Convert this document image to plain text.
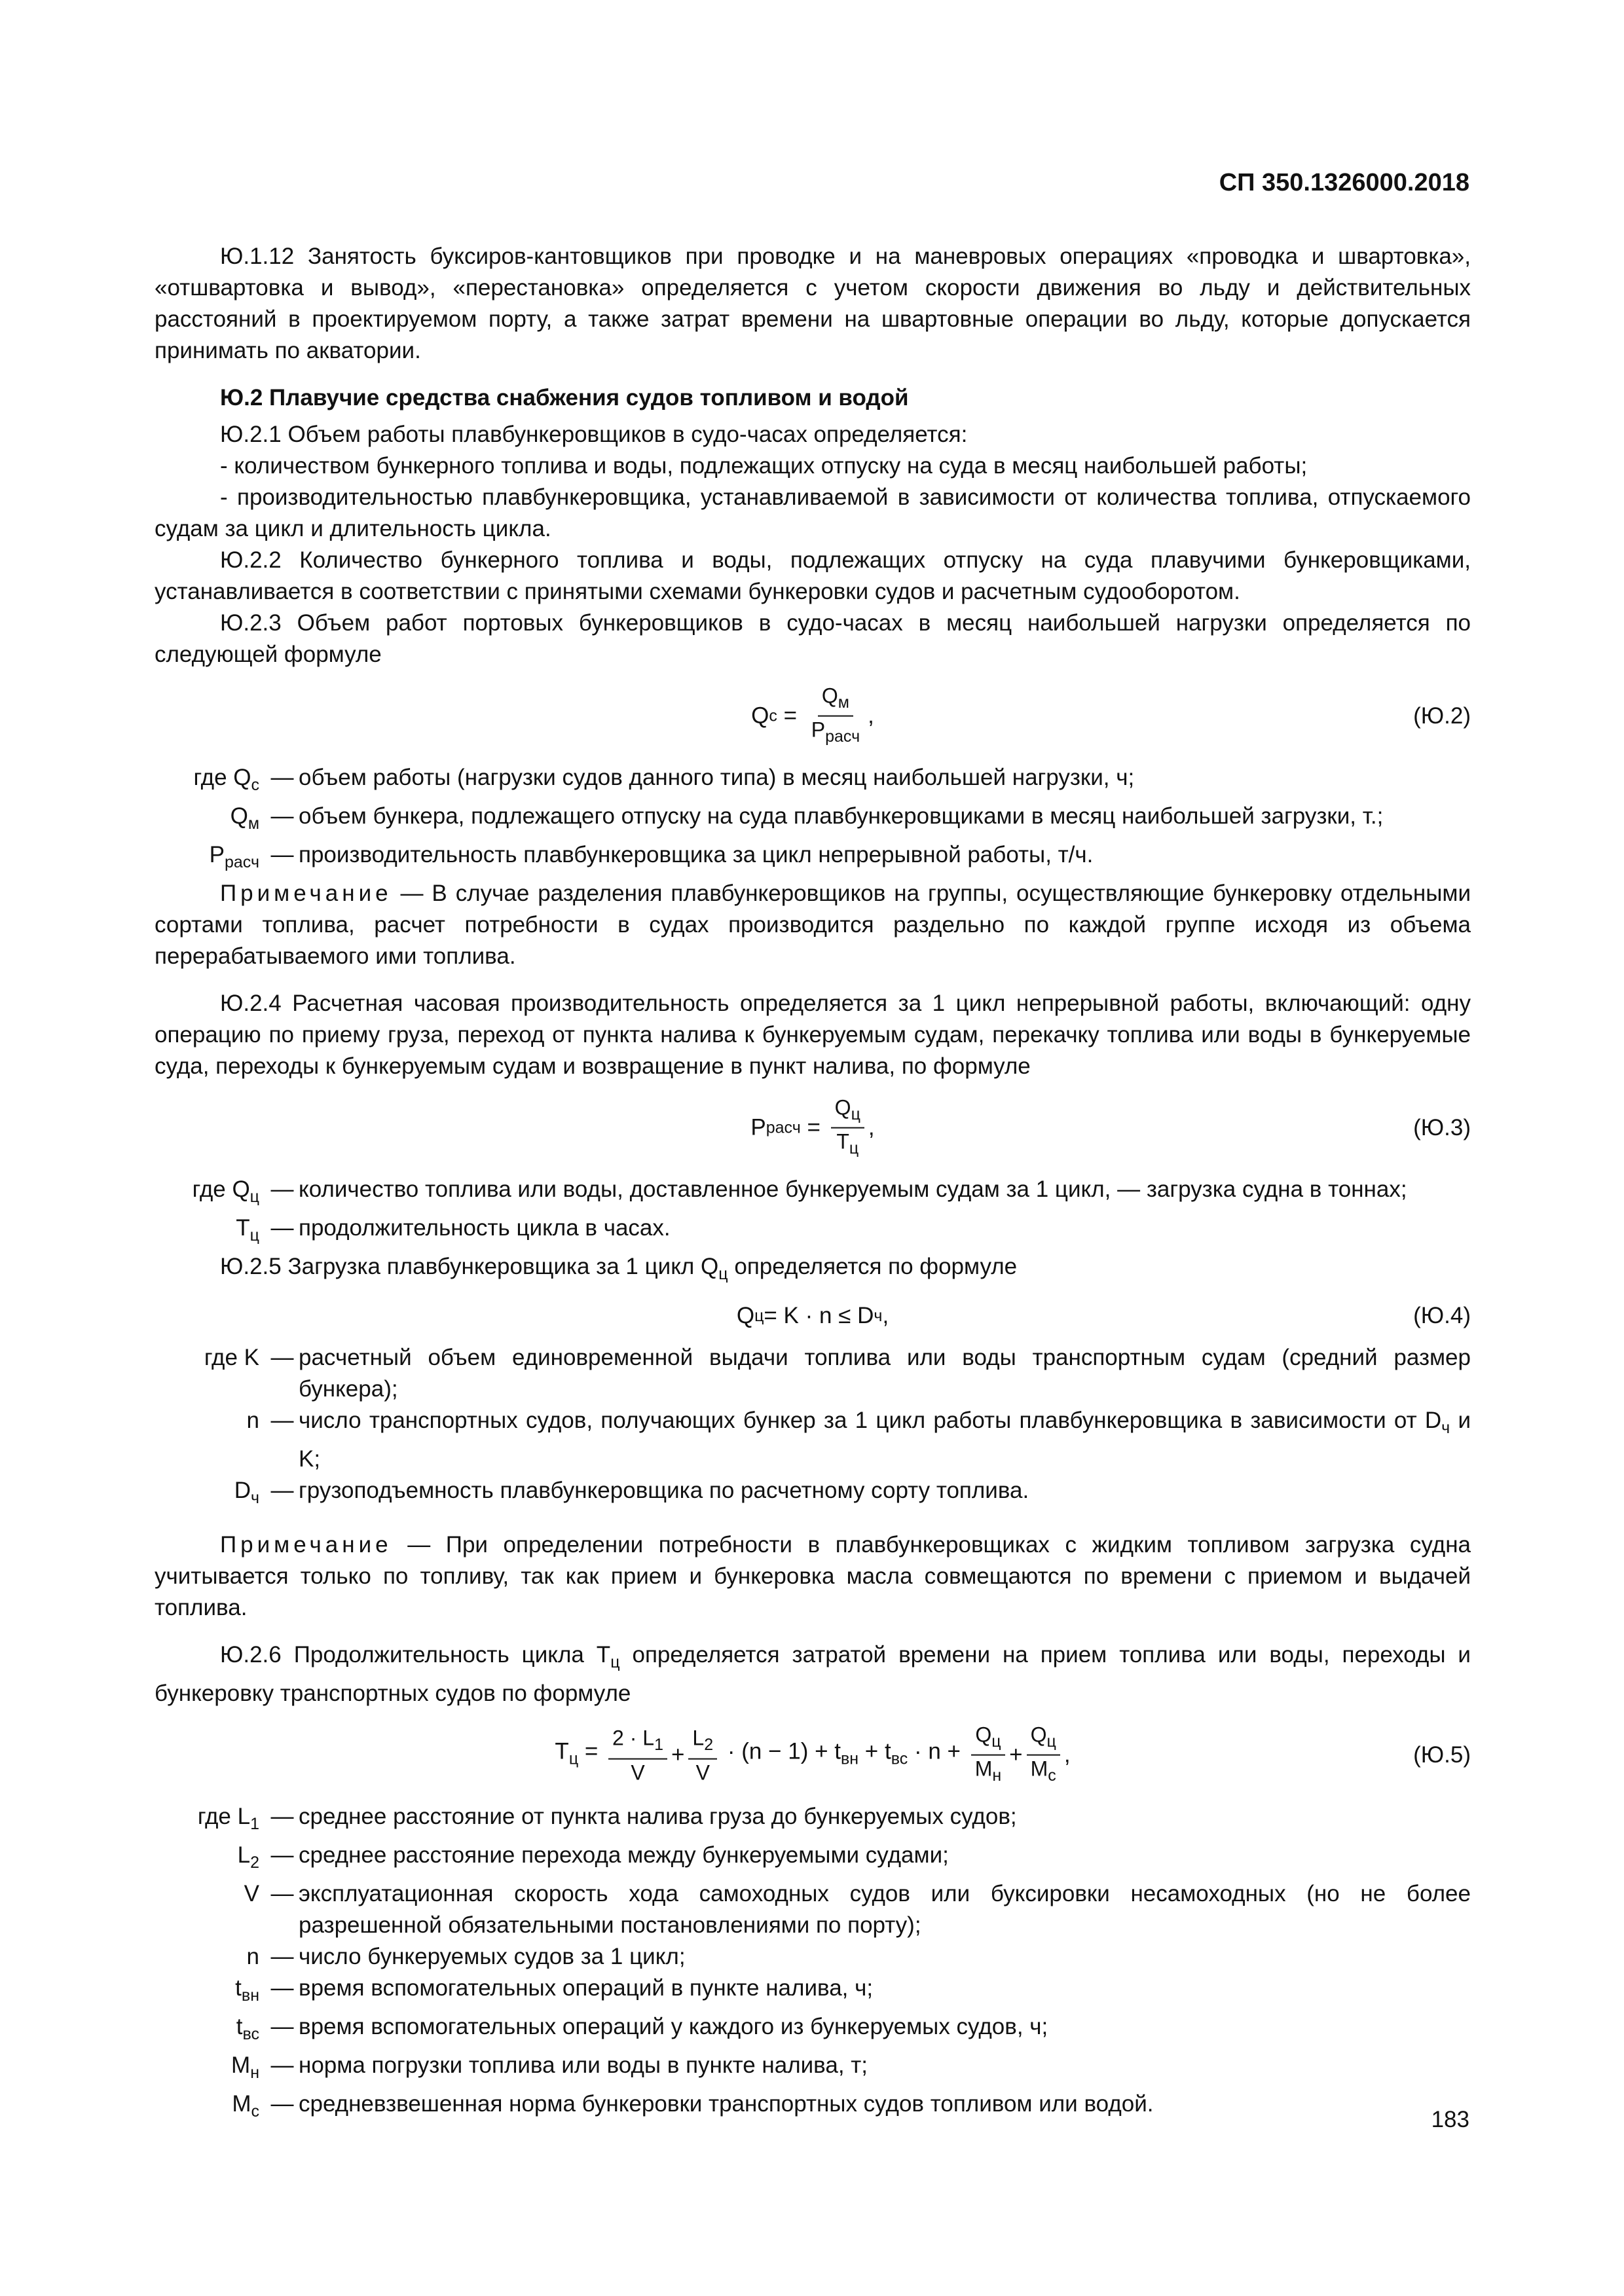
СП 350.1326000.2018

Ю.1.12 Занятость буксиров-кантовщиков при проводке и на маневровых операциях «проводка и швартовка», «отшвартовка и вывод», «перестановка» определяется с учетом скорости движения во льду и действительных расстояний в проектируемом порту, а также затрат времени на швартовные операции во льду, которые допускается принимать по акватории.

Ю.2 Плавучие средства снабжения судов топливом и водой

Ю.2.1 Объем работы плавбункеровщиков в судо-часах определяется:

- количеством бункерного топлива и воды, подлежащих отпуску на суда в месяц наибольшей работы;

- производительностью плавбункеровщика, устанавливаемой в зависимости от количества топлива, отпускаемого судам за цикл и длительность цикла.

Ю.2.2 Количество бункерного топлива и воды, подлежащих отпуску на суда плавучими бункеровщиками, устанавливается в соответствии с принятыми схемами бункеровки судов и расчетным судооборотом.

Ю.2.3 Объем работ портовых бункеровщиков в судо-часах в месяц наибольшей нагрузки определяется по следующей формуле

Q $с = \frac{Q_м}{P_{расч}}$ ,	(Ю.2)
где $Q_с$	—	объем работы (нагрузки судов данного типа) в месяц наибольшей нагрузки, ч;
$Q_м$	—	объем бункера, подлежащего отпуску на суда плавбункеровщиками в месяц наибольшей загрузки, т.;
$P_{расч}$	—	производительность плавбункеровщика за цикл непрерывной работы, т/ч.

Примечание — В случае разделения плавбункеровщиков на группы, осуществляющие бункеровку отдельными сортами топлива, расчет потребности в судах производится раздельно по каждой группе исходя из объема перерабатываемого ими топлива.

Ю.2.4 Расчетная часовая производительность определяется за 1 цикл непрерывной работы, включающий: одну операцию по приему груза, переход от пункта налива к бункеруемым судам, перекачку топлива или воды в бункеруемые суда, переходы к бункеруемым судам и возвращение в пункт налива, по формуле

P расч = $\frac{Q_ц}{T_ц}$ ,	(Ю.3)
где $Q_ц$	—	количество топлива или воды, доставленное бункеруемым судам за 1 цикл, — загрузка судна в тоннах;
$T_ц$	—	продолжительность цикла в часах.

Ю.2.5 Загрузка плавбункеровщика за 1 цикл $Q_ц$ определяется по формуле

Q ц = K · n ≤ D ч ,	(Ю.4)
где K	—	расчетный объем единовременной выдачи топлива или воды транспортным судам (средний размер бункера);
n	—	число транспортных судов, получающих бункер за 1 цикл работы плавбункеровщика в зависимости от $D_ч$ и K;
$D_ч$	—	грузоподъемность плавбункеровщика по расчетному сорту топлива.

Примечание — При определении потребности в плавбункеровщиках с жидким топливом загрузка судна учитывается только по топливу, так как прием и бункеровка масла совмещаются по времени с приемом и выдачей топлива.

Ю.2.6 Продолжительность цикла $T_ц$ определяется затратой времени на прием топлива или воды, переходы и бункеровку транспортных судов по формуле

$T_ц = \frac{2 \cdot L_1}{V} + \frac{L_2}{V} \cdot (n - 1) + t_{вн} + t_{вс} \cdot n + \frac{Q_ц}{M_н} + \frac{Q_ц}{M_с}$ ,	(Ю.5)
где $L_1$	—	среднее расстояние от пункта налива груза до бункеруемых судов;
$L_2$	—	среднее расстояние перехода между бункеруемыми судами;
V	—	эксплуатационная скорость хода самоходных судов или буксировки несамоходных (но не более разрешенной обязательными постановлениями по порту);
n	—	число бункеруемых судов за 1 цикл;
$t_{вн}$	—	время вспомогательных операций в пункте налива, ч;
$t_{вс}$	—	время вспомогательных операций у каждого из бункеруемых судов, ч;
$M_н$	—	норма погрузки топлива или воды в пункте налива, т;
$M_с$	—	средневзвешенная норма бункеровки транспортных судов топливом или водой.
183
